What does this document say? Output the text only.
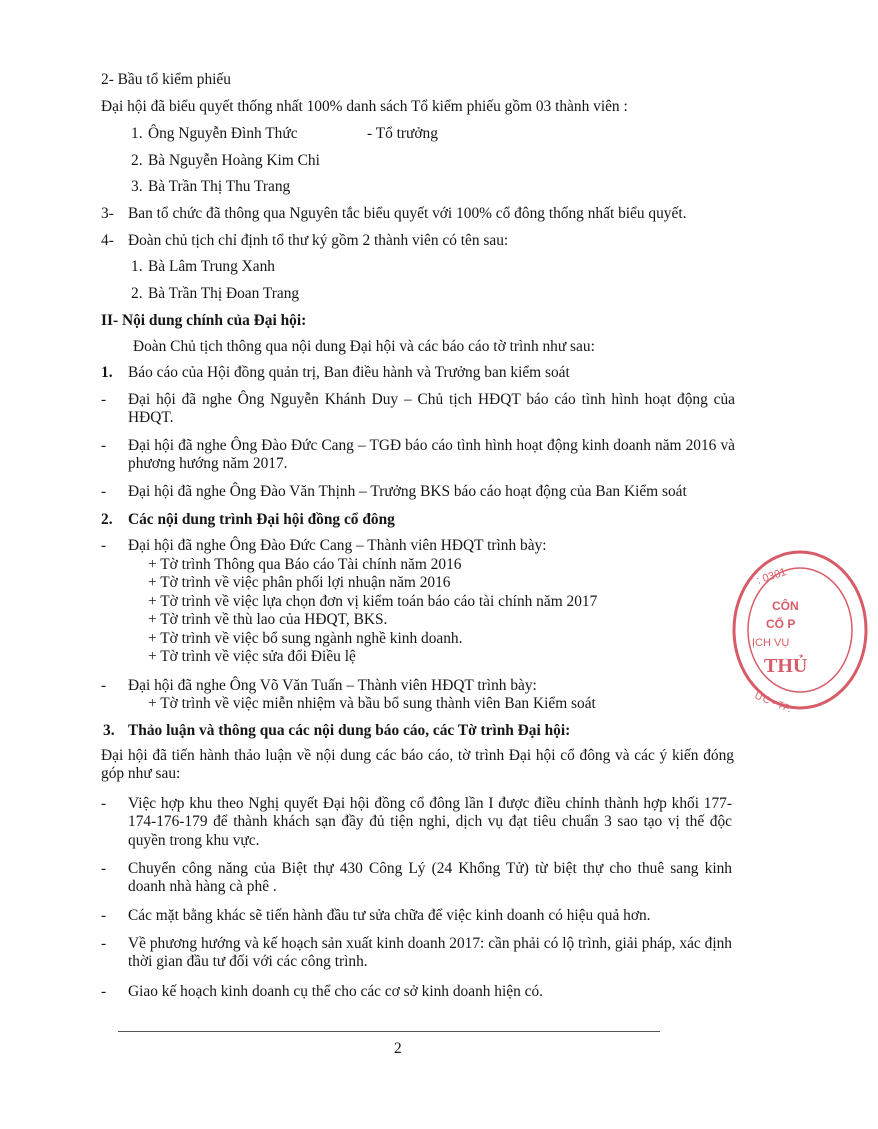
2- Bầu tổ kiểm phiếu
Đại hội đã biểu quyết thống nhất 100% danh sách Tổ kiểm phiếu gồm 03 thành viên :
1. Ông Nguyễn Đình Thức	- Tổ trưởng
2. Bà Nguyễn Hoàng Kim Chi
3. Bà Trần Thị Thu Trang
3- Ban tổ chức đã thông qua Nguyên tắc biểu quyết với 100% cổ đông thống nhất biểu quyết.
4- Đoàn chủ tịch chỉ định tổ thư ký gồm 2 thành viên có tên sau:
1. Bà Lâm Trung Xanh
2. Bà Trần Thị Đoan Trang
II- Nội dung chính của Đại hội:
Đoàn Chủ tịch thông qua nội dung Đại hội và các báo cáo tờ trình như sau:
1. Báo cáo của Hội đồng quản trị, Ban điều hành và Trưởng ban kiểm soát
- Đại hội đã nghe Ông Nguyễn Khánh Duy – Chủ tịch HĐQT báo cáo tình hình hoạt động của HĐQT.
- Đại hội đã nghe Ông Đào Đức Cang – TGĐ báo cáo tình hình hoạt động kinh doanh năm 2016 và phương hướng năm 2017.
- Đại hội đã nghe Ông Đào Văn Thịnh – Trưởng BKS báo cáo hoạt động của Ban Kiểm soát
2. Các nội dung trình Đại hội đồng cổ đông
- Đại hội đã nghe Ông Đào Đức Cang – Thành viên HĐQT trình bày:
+ Tờ trình Thông qua Báo cáo Tài chính năm 2016
+ Tờ trình về việc phân phối lợi nhuận năm 2016
+ Tờ trình về việc lựa chọn đơn vị kiểm toán báo cáo tài chính năm 2017
+ Tờ trình về thù lao của HĐQT, BKS.
+ Tờ trình về việc bổ sung ngành nghề kinh doanh.
+ Tờ trình về việc sửa đổi Điều lệ
- Đại hội đã nghe Ông Võ Văn Tuấn – Thành viên HĐQT trình bày:
+ Tờ trình về việc miễn nhiệm và bầu bổ sung thành viên Ban Kiểm soát
3. Thảo luận và thông qua các nội dung báo cáo, các Tờ trình Đại hội:
Đại hội đã tiến hành thảo luận về nội dung các báo cáo, tờ trình Đại hội cổ đông và các ý kiến đóng góp như sau:
- Việc hợp khu theo Nghị quyết Đại hội đồng cổ đông lần I được điều chỉnh thành hợp khối 177-174-176-179 để thành khách sạn đầy đủ tiện nghi, dịch vụ đạt tiêu chuẩn 3 sao tạo vị thế độc quyền trong khu vực.
- Chuyển công năng của Biệt thự 430 Công Lý (24 Khổng Tử) từ biệt thự cho thuê sang kinh doanh nhà hàng cà phê .
- Các mặt bằng khác sẽ tiến hành đầu tư sửa chữa để việc kinh doanh có hiệu quả hơn.
- Về phương hướng và kế hoạch sản xuất kinh doanh 2017: cần phải có lộ trình, giải pháp, xác định thời gian đầu tư đối với các công trình.
- Giao kế hoạch kinh doanh cụ thể cho các cơ sở kinh doanh hiện có.
2
: 0301
CÔN
CỔ P
ỊCH VỤ
THỦ
ỨC - TP.
